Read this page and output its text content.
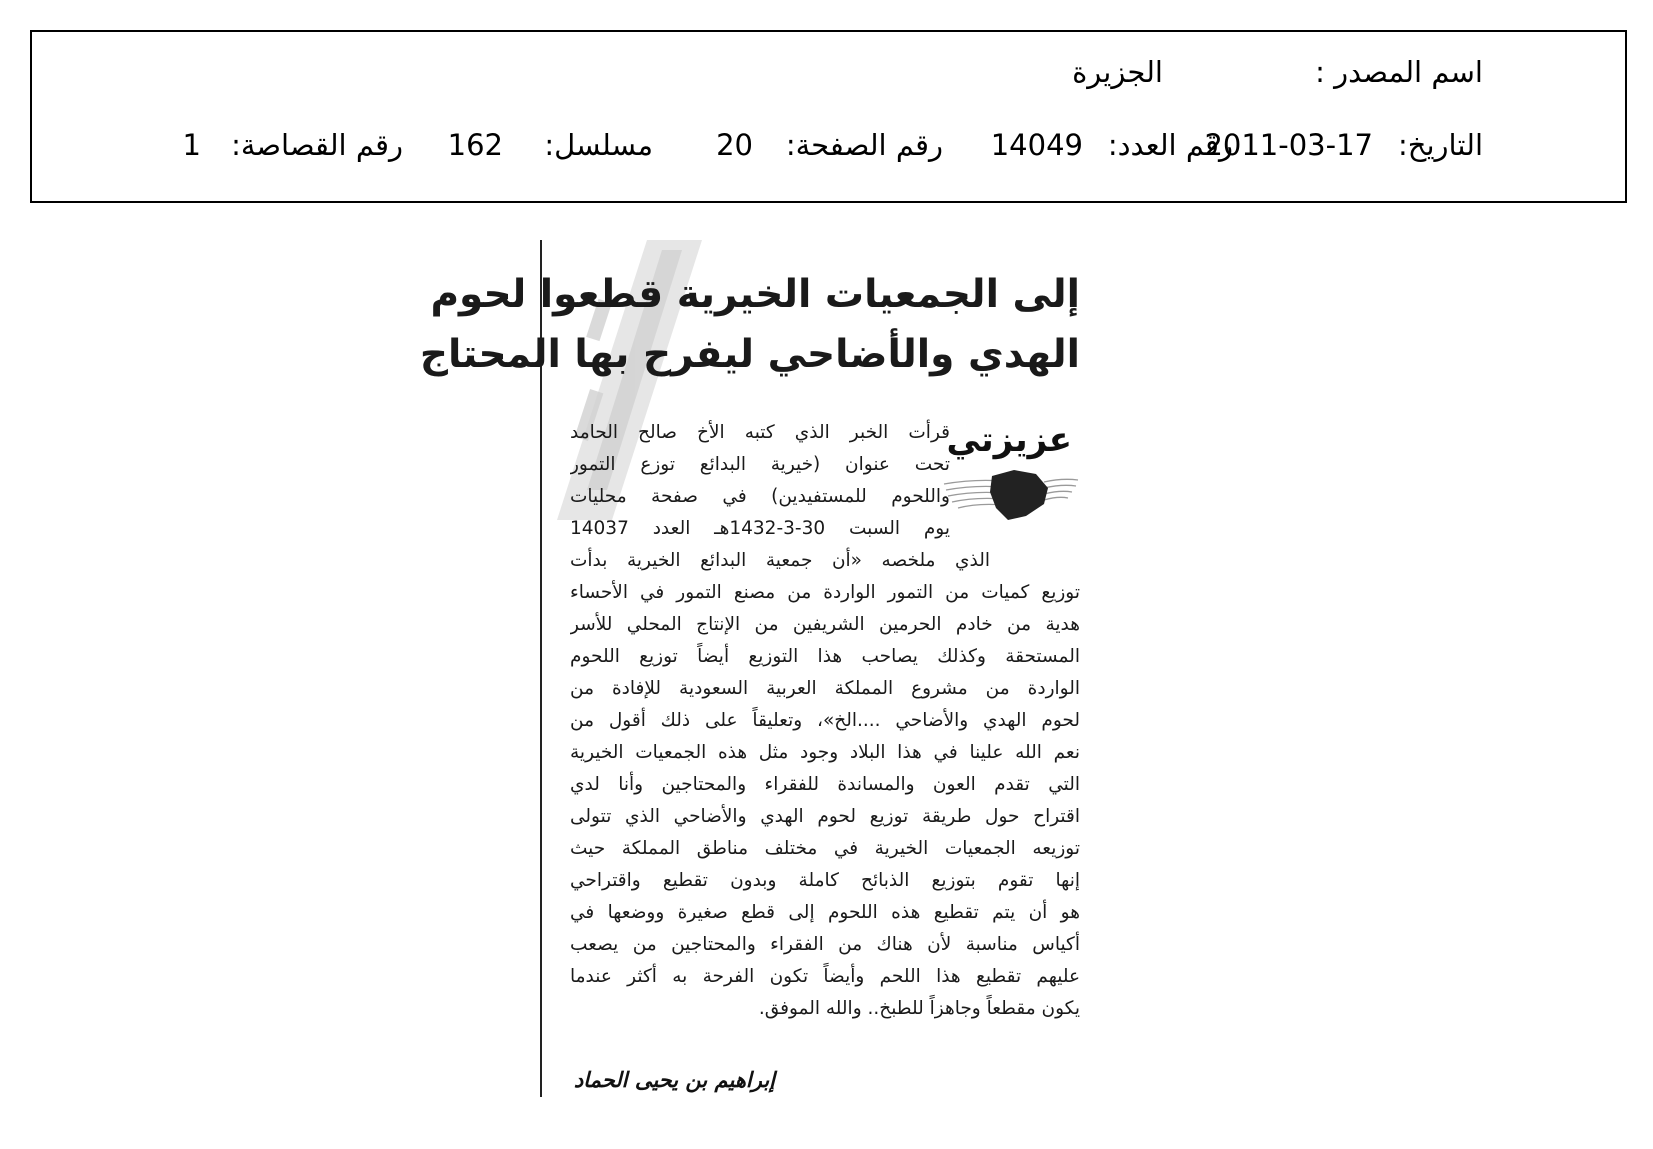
اسم المصدر :
الجزيرة
التاريخ:
2011-03-17
رقم العدد:
14049
رقم الصفحة:
20
مسلسل:
162
رقم القصاصة:
1
إلى الجمعيات الخيرية قطعوا لحوم
الهدي والأضاحي ليفرح بها المحتاج
عزيزتي
قرأت الخبر الذي كتبه الأخ صالح الحامد
تحت عنوان (خيرية البدائع توزع التمور
واللحوم للمستفيدين) في صفحة محليات
يوم السبت 30-3-1432هـ العدد 14037
الذي ملخصه «أن جمعية البدائع الخيرية بدأت
توزيع كميات من التمور الواردة من مصنع التمور في الأحساء
هدية من خادم الحرمين الشريفين من الإنتاج المحلي للأسر
المستحقة وكذلك يصاحب هذا التوزيع أيضاً توزيع اللحوم
الواردة من مشروع المملكة العربية السعودية للإفادة من
لحوم الهدي والأضاحي ....الخ»، وتعليقاً على ذلك أقول من
نعم الله علينا في هذا البلاد وجود مثل هذه الجمعيات الخيرية
التي تقدم العون والمساندة للفقراء والمحتاجين وأنا لدي
اقتراح حول طريقة توزيع لحوم الهدي والأضاحي الذي تتولى
توزيعه الجمعيات الخيرية في مختلف مناطق المملكة حيث
إنها تقوم بتوزيع الذبائح كاملة وبدون تقطيع واقتراحي
هو أن يتم تقطيع هذه اللحوم إلى قطع صغيرة ووضعها في
أكياس مناسبة لأن هناك من الفقراء والمحتاجين من يصعب
عليهم تقطيع هذا اللحم وأيضاً تكون الفرحة به أكثر عندما
يكون مقطعاً وجاهزاً للطبخ.. والله الموفق.
إبراهيم بن يحيى الحماد
